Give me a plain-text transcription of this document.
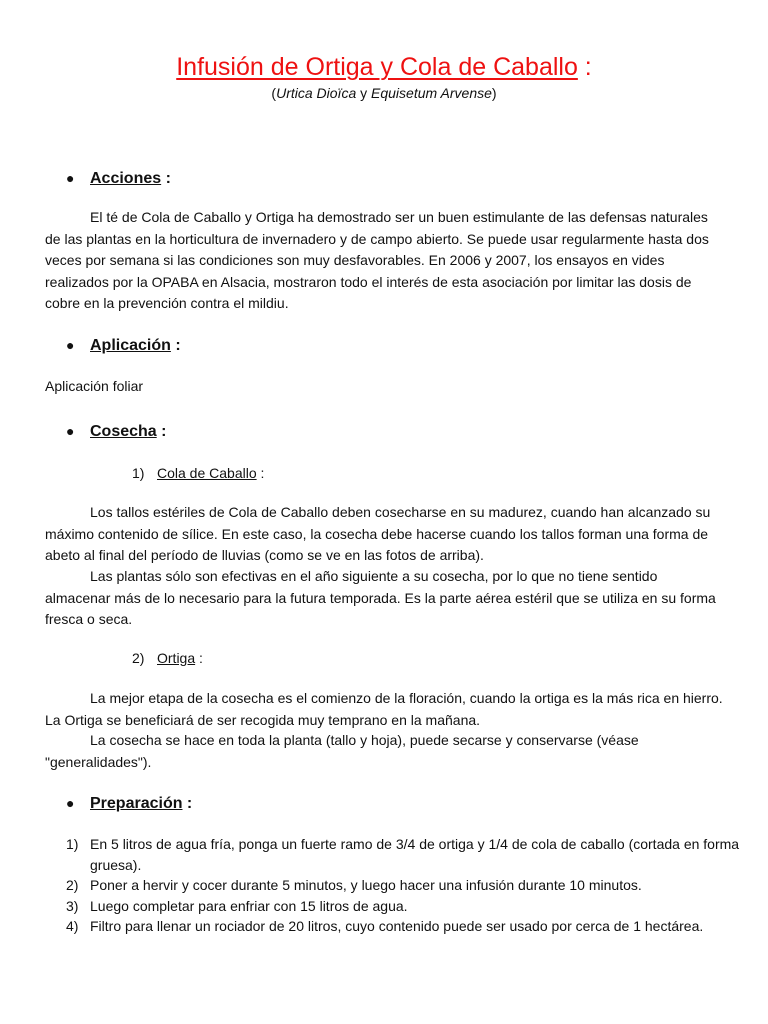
Infusión de Ortiga y Cola de Caballo :
(Urtica Dioïca y Equisetum Arvense)
● Acciones :
El té de Cola de Caballo y Ortiga ha demostrado ser un buen estimulante de las defensas naturales de las plantas en la horticultura de invernadero y de campo abierto. Se puede usar regularmente hasta dos veces por semana si las condiciones son muy desfavorables. En 2006 y 2007, los ensayos en vides realizados por la OPABA en Alsacia, mostraron todo el interés de esta asociación por limitar las dosis de cobre en la prevención contra el mildiu.
● Aplicación :
Aplicación foliar
● Cosecha :
1) Cola de Caballo :
Los tallos estériles de Cola de Caballo deben cosecharse en su madurez, cuando han alcanzado su máximo contenido de sílice. En este caso, la cosecha debe hacerse cuando los tallos forman una forma de abeto al final del período de lluvias (como se ve en las fotos de arriba).
Las plantas sólo son efectivas en el año siguiente a su cosecha, por lo que no tiene sentido almacenar más de lo necesario para la futura temporada. Es la parte aérea estéril que se utiliza en su forma fresca o seca.
2) Ortiga :
La mejor etapa de la cosecha es el comienzo de la floración, cuando la ortiga es la más rica en hierro. La Ortiga se beneficiará de ser recogida muy temprano en la mañana.
La cosecha se hace en toda la planta (tallo y hoja), puede secarse y conservarse (véase "generalidades").
● Preparación :
1) En 5 litros de agua fría, ponga un fuerte ramo de 3/4 de ortiga y 1/4 de cola de caballo (cortada en forma gruesa).
2) Poner a hervir y cocer durante 5 minutos, y luego hacer una infusión durante 10 minutos.
3) Luego completar para enfriar con 15 litros de agua.
4) Filtro para llenar un rociador de 20 litros, cuyo contenido puede ser usado por cerca de 1 hectárea.
